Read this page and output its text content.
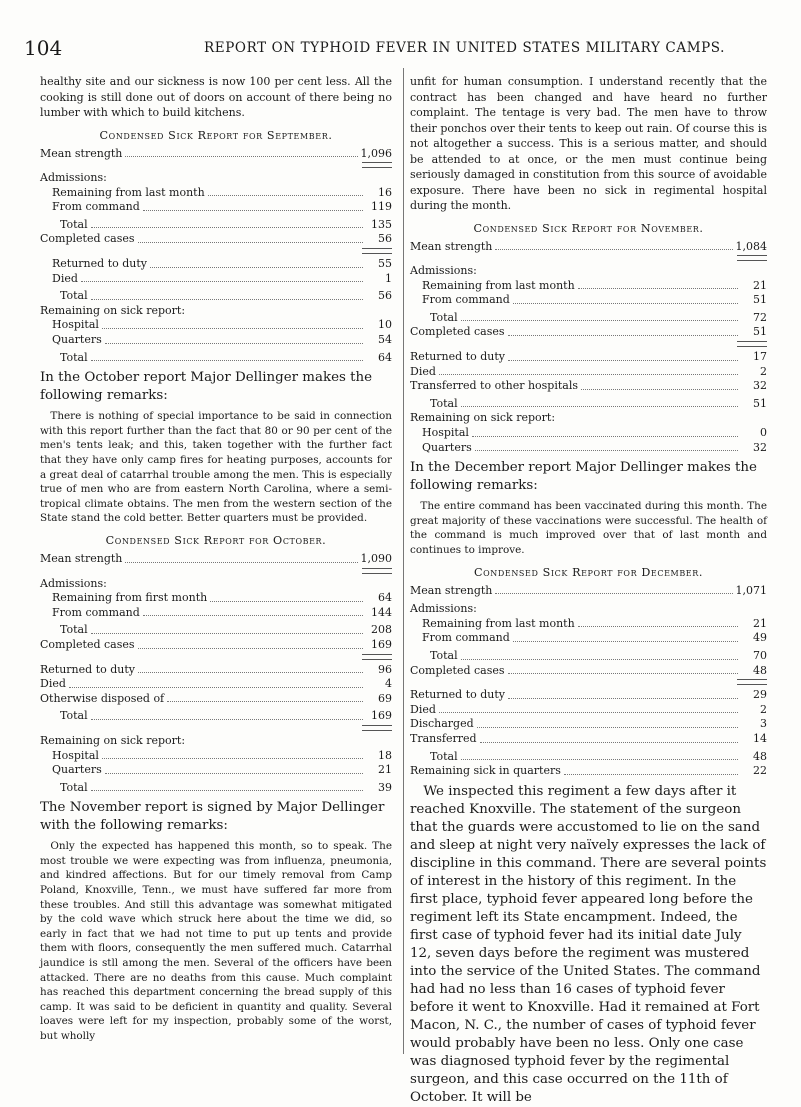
104	REPORT ON TYPHOID FEVER IN UNITED STATES MILITARY CAMPS.

healthy site and our sickness is now 100 per cent less. All the cooking is still done out of doors on account of there being no lumber with which to build kitchens.

Condensed Sick Report for September.

Mean strength	1,096
Admissions:
Remaining from last month	16
From command	119
Total	135
Completed cases	56
Returned to duty	55
Died	1
Total	56
Remaining on sick report:
Hospital	10
Quarters	54
Total	64

In the October report Major Dellinger makes the following remarks:

There is nothing of special importance to be said in connection with this report further than the fact that 80 or 90 per cent of the men's tents leak; and this, taken together with the further fact that they have only camp fires for heating purposes, accounts for a great deal of catarrhal trouble among the men. This is especially true of men who are from eastern North Carolina, where a semi-tropical climate obtains. The men from the western section of the State stand the cold better. Better quarters must be provided.

Condensed Sick Report for October.

Mean strength	1,090
Admissions:
Remaining from first month	64
From command	144
Total	208
Completed cases	169
Returned to duty	96
Died	4
Otherwise disposed of	69
Total	169
Remaining on sick report:
Hospital	18
Quarters	21
Total	39

The November report is signed by Major Dellinger with the following remarks:

Only the expected has happened this month, so to speak. The most trouble we were expecting was from influenza, pneumonia, and kindred affections. But for our timely removal from Camp Poland, Knoxville, Tenn., we must have suffered far more from these troubles. And still this advantage was somewhat mitigated by the cold wave which struck here about the time we did, so early in fact that we had not time to put up tents and provide them with floors, consequently the men suffered much. Catarrhal jaundice is stll among the men. Several of the officers have been attacked. There are no deaths from this cause. Much complaint has reached this department concerning the bread supply of this camp. It was said to be deficient in quantity and quality. Several loaves were left for my inspection, probably some of the worst, but wholly

unfit for human consumption. I understand recently that the contract has been changed and have heard no further complaint. The tentage is very bad. The men have to throw their ponchos over their tents to keep out rain. Of course this is not altogether a success. This is a serious matter, and should be attended to at once, or the men must continue being seriously damaged in constitution from this source of avoidable exposure. There have been no sick in regimental hospital during the month.

Condensed Sick Report for November.

Mean strength	1,084
Admissions:
Remaining from last month	21
From command	51
Total	72
Completed cases	51
Returned to duty	17
Died	2
Transferred to other hospitals	32
Total	51
Remaining on sick report:
Hospital	0
Quarters	32

In the December report Major Dellinger makes the following remarks:

The entire command has been vaccinated during this month. The great majority of these vaccinations were successful. The health of the command is much improved over that of last month and continues to improve.

Condensed Sick Report for December.

Mean strength	1,071
Admissions:
Remaining from last month	21
From command	49
Total	70
Completed cases	48
Returned to duty	29
Died	2
Discharged	3
Transferred	14
Total	48
Remaining sick in quarters	22

We inspected this regiment a few days after it reached Knoxville. The statement of the surgeon that the guards were accustomed to lie on the sand and sleep at night very naïvely expresses the lack of discipline in this command. There are several points of interest in the history of this regiment. In the first place, typhoid fever appeared long before the regiment left its State encampment. Indeed, the first case of typhoid fever had its initial date July 12, seven days before the regiment was mustered into the service of the United States. The command had had no less than 16 cases of typhoid fever before it went to Knoxville. Had it remained at Fort Macon, N. C., the number of cases of typhoid fever would probably have been no less. Only one case was diagnosed typhoid fever by the regimental surgeon, and this case occurred on the 11th of October. It will be
